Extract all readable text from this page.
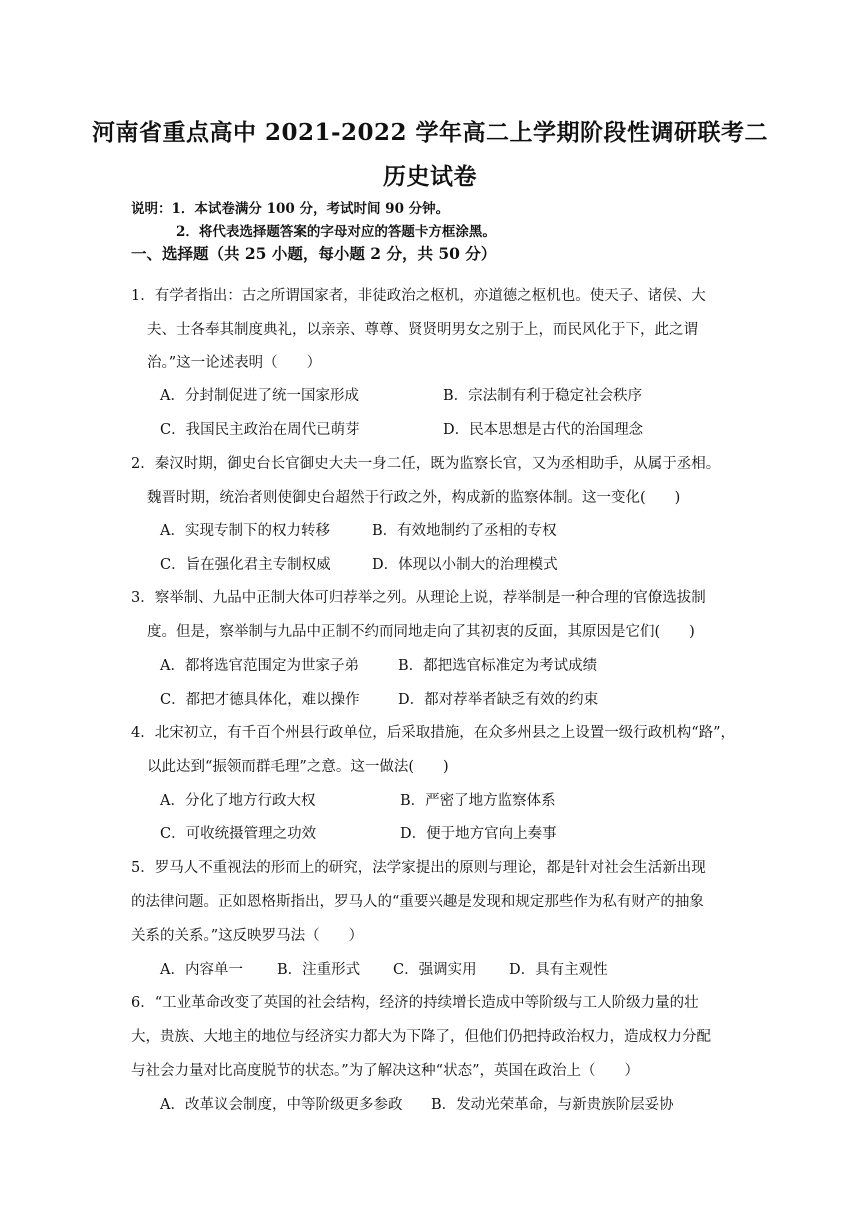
河南省重点高中 2021-2022 学年高二上学期阶段性调研联考二
历史试卷
说明：1．本试卷满分 100 分，考试时间 90 分钟。
2．将代表选择题答案的字母对应的答题卡方框涂黑。
一、选择题（共 25 小题，每小题 2 分，共 50 分）
1．有学者指出：古之所谓国家者，非徒政治之枢机，亦道德之枢机也。使天子、诸侯、大
夫、士各奉其制度典礼，以亲亲、尊尊、贤贤明男女之别于上，而民风化于下，此之谓
治。”这一论述表明（　　）
A．分封制促进了统一国家形成	B．宗法制有利于稳定社会秩序
C．我国民主政治在周代已萌芽	D．民本思想是古代的治国理念
2．秦汉时期，御史台长官御史大夫一身二任，既为监察长官，又为丞相助手，从属于丞相。
魏晋时期，统治者则使御史台超然于行政之外，构成新的监察体制。这一变化(　　)
A．实现专制下的权力转移	B．有效地制约了丞相的专权
C．旨在强化君主专制权威	D．体现以小制大的治理模式
3．察举制、九品中正制大体可归荐举之列。从理论上说，荐举制是一种合理的官僚选拔制
度。但是，察举制与九品中正制不约而同地走向了其初衷的反面，其原因是它们(　　)
A．都将选官范围定为世家子弟	B．都把选官标准定为考试成绩
C．都把才德具体化，难以操作	D．都对荐举者缺乏有效的约束
4．北宋初立，有千百个州县行政单位，后采取措施，在众多州县之上设置一级行政机构“路”，
以此达到“振领而群毛理”之意。这一做法(　　)
A．分化了地方行政大权	B．严密了地方监察体系
C．可收统摄管理之功效	D．便于地方官向上奏事
5．罗马人不重视法的形而上的研究，法学家提出的原则与理论，都是针对社会生活新出现
的法律问题。正如恩格斯指出，罗马人的“重要兴趣是发现和规定那些作为私有财产的抽象
关系的关系。”这反映罗马法（　　）
A．内容单一 B．注重形式 C．强调实用 D．具有主观性
6．“工业革命改变了英国的社会结构，经济的持续增长造成中等阶级与工人阶级力量的壮
大，贵族、大地主的地位与经济实力都大为下降了，但他们仍把持政治权力，造成权力分配
与社会力量对比高度脱节的状态。”为了解决这种“状态”，英国在政治上（　　）
A．改革议会制度，中等阶级更多参政 B．发动光荣革命，与新贵族阶层妥协
